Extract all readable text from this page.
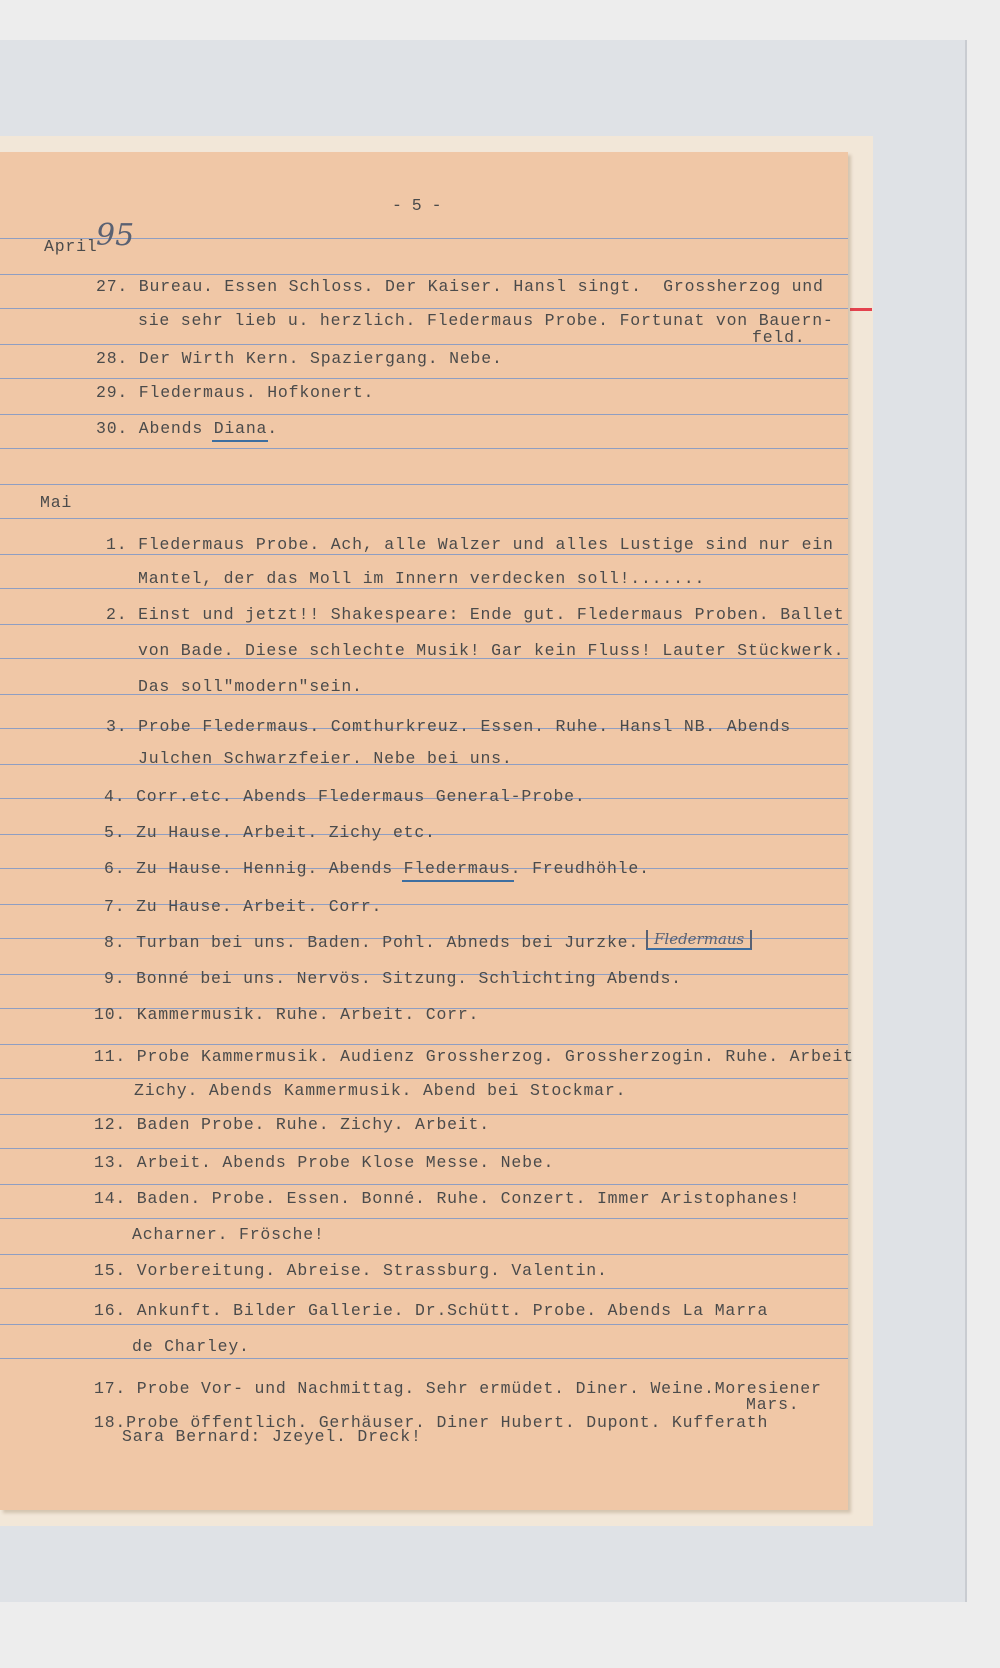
- 5 -
April
95
27. Bureau. Essen Schloss. Der Kaiser. Hansl singt.  Grossherzog und
sie sehr lieb u. herzlich. Fledermaus Probe. Fortunat von Bauern-
feld.
28. Der Wirth Kern. Spaziergang. Nebe.
29. Fledermaus. Hofkonert.
30. Abends Diana.
Mai
1. Fledermaus Probe. Ach, alle Walzer und alles Lustige sind nur ein
Mantel, der das Moll im Innern verdecken soll!.......
2. Einst und jetzt!! Shakespeare: Ende gut. Fledermaus Proben. Ballet
von Bade. Diese schlechte Musik! Gar kein Fluss! Lauter Stückwerk.
Das soll"modern"sein.
3. Probe Fledermaus. Comthurkreuz. Essen. Ruhe. Hansl NB. Abends
Julchen Schwarzfeier. Nebe bei uns.
4. Corr.etc. Abends Fledermaus General-Probe.
5. Zu Hause. Arbeit. Zichy etc.
6. Zu Hause. Hennig. Abends Fledermaus. Freudhöhle.
7. Zu Hause. Arbeit. Corr.
8. Turban bei uns. Baden. Pohl. Abneds bei Jurzke. Fledermaus
9. Bonné bei uns. Nervös. Sitzung. Schlichting Abends.
10. Kammermusik. Ruhe. Arbeit. Corr.
11. Probe Kammermusik. Audienz Grossherzog. Grossherzogin. Ruhe. Arbeit
Zichy. Abends Kammermusik. Abend bei Stockmar.
12. Baden Probe. Ruhe. Zichy. Arbeit.
13. Arbeit. Abends Probe Klose Messe. Nebe.
14. Baden. Probe. Essen. Bonné. Ruhe. Conzert. Immer Aristophanes!
Acharner. Frösche!
15. Vorbereitung. Abreise. Strassburg. Valentin.
16. Ankunft. Bilder Gallerie. Dr.Schütt. Probe. Abends La Marra
de Charley.
17. Probe Vor- und Nachmittag. Sehr ermüdet. Diner. Weine.Moresiener
Mars.
18.Probe öffentlich. Gerhäuser. Diner Hubert. Dupont. Kufferath
Sara Bernard: Jzeyel. Dreck!
